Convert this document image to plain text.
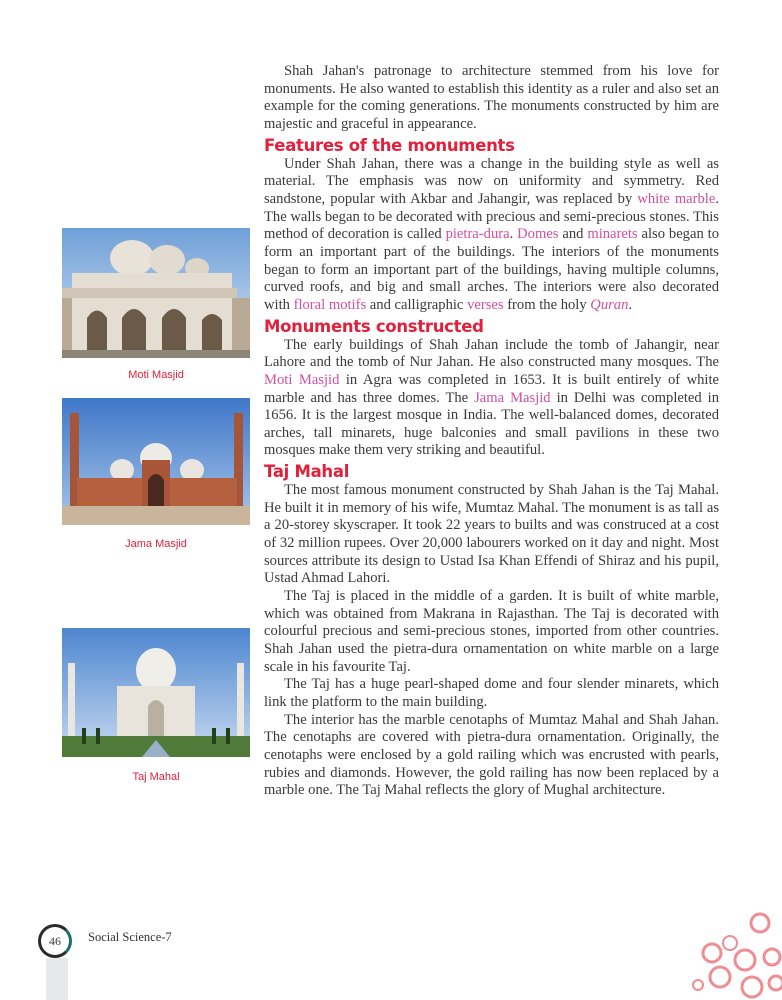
Shah Jahan's patronage to architecture stemmed from his love for monuments. He also wanted to establish this identity as a ruler and also set an example for the coming generations. The monuments constructed by him are majestic and graceful in appearance.

Features of the monuments

Under Shah Jahan, there was a change in the building style as well as material. The emphasis was now on uniformity and symmetry. Red sandstone, popular with Akbar and Jahangir, was replaced by white marble. The walls began to be decorated with precious and semi-precious stones. This method of decoration is called pietra-dura. Domes and minarets also began to form an important part of the buildings. The interiors of the monuments began to form an important part of the buildings, having multiple columns, curved roofs, and big and small arches. The interiors were also decorated with floral motifs and calligraphic verses from the holy Quran.

Monuments constructed

The early buildings of Shah Jahan include the tomb of Jahangir, near Lahore and the tomb of Nur Jahan. He also constructed many mosques. The Moti Masjid in Agra was completed in 1653. It is built entirely of white marble and has three domes. The Jama Masjid in Delhi was completed in 1656. It is the largest mosque in India. The well-balanced domes, decorated arches, tall minarets, huge balconies and small pavilions in these two mosques make them very striking and beautiful.

Taj Mahal

The most famous monument constructed by Shah Jahan is the Taj Mahal. He built it in memory of his wife, Mumtaz Mahal. The monument is as tall as a 20-storey skyscraper. It took 22 years to builts and was construced at a cost of 32 million rupees. Over 20,000 labourers worked on it day and night. Most sources attribute its design to Ustad Isa Khan Effendi of Shiraz and his pupil, Ustad Ahmad Lahori.

The Taj is placed in the middle of a garden. It is built of white marble, which was obtained from Makrana in Rajasthan. The Taj is decorated with colourful precious and semi-precious stones, imported from other countries. Shah Jahan used the pietra-dura ornamentation on white marble on a large scale in his favourite Taj.

The Taj has a huge pearl-shaped dome and four slender minarets, which link the platform to the main building.

The interior has the marble cenotaphs of Mumtaz Mahal and Shah Jahan. The cenotaphs are covered with pietra-dura ornamentation. Originally, the cenotaphs were enclosed by a gold railing which was encrusted with pearls, rubies and diamonds. However, the gold railing has now been replaced by a marble one. The Taj Mahal reflects the glory of Mughal architecture.

Moti Masjid
Jama Masjid
Taj Mahal
46	Social Science-7
